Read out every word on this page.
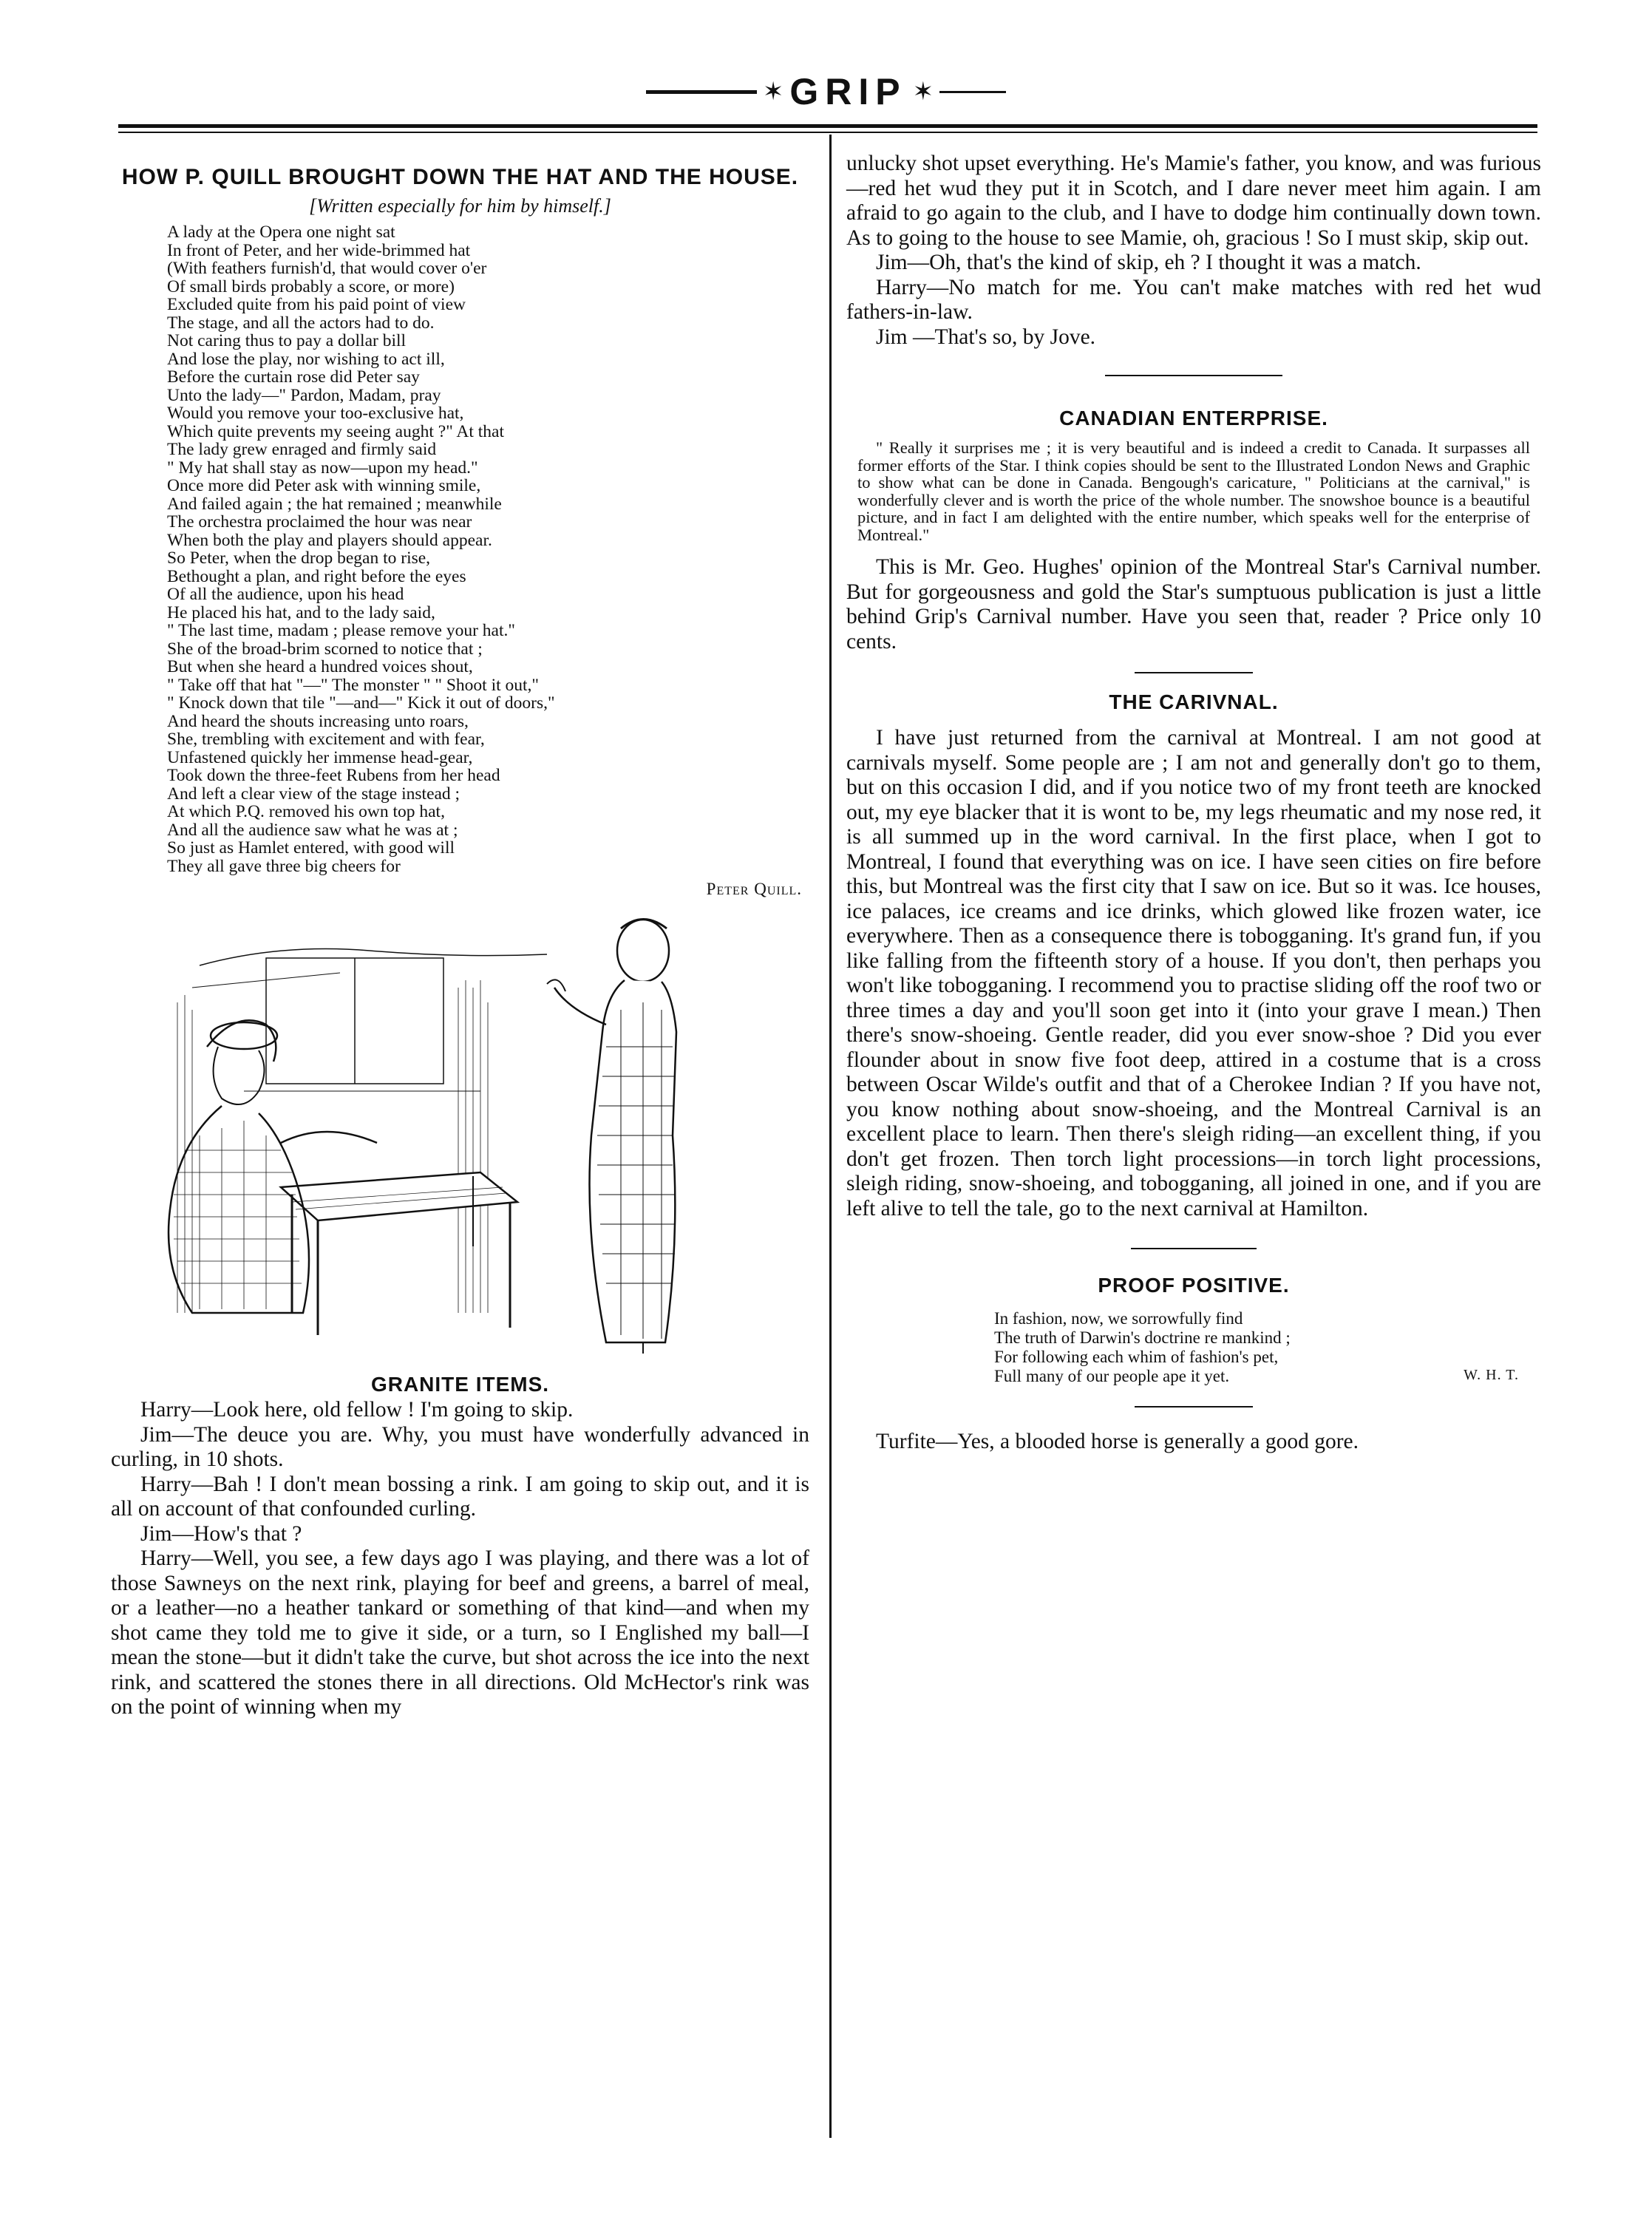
✶ GRIP ✶
HOW P. QUILL BROUGHT DOWN THE HAT AND THE HOUSE.
[Written especially for him by himself.]
A lady at the Opera one night sat
In front of Peter, and her wide-brimmed hat
(With feathers furnish'd, that would cover o'er
Of small birds probably a score, or more)
Excluded quite from his paid point of view
The stage, and all the actors had to do.
Not caring thus to pay a dollar bill
And lose the play, nor wishing to act ill,
Before the curtain rose did Peter say
Unto the lady—" Pardon, Madam, pray
Would you remove your too-exclusive hat,
Which quite prevents my seeing aught ?" At that
The lady grew enraged and firmly said
" My hat shall stay as now—upon my head."
Once more did Peter ask with winning smile,
And failed again ; the hat remained ; meanwhile
The orchestra proclaimed the hour was near
When both the play and players should appear.
So Peter, when the drop began to rise,
Bethought a plan, and right before the eyes
Of all the audience, upon his head
He placed his hat, and to the lady said,
" The last time, madam ; please remove your hat."
She of the broad-brim scorned to notice that ;
But when she heard a hundred voices shout,
" Take off that hat "—" The monster " " Shoot it out,"
" Knock down that tile "—and—" Kick it out of doors,"
And heard the shouts increasing unto roars,
She, trembling with excitement and with fear,
Unfastened quickly her immense head-gear,
Took down the three-feet Rubens from her head
And left a clear view of the stage instead ;
At which P.Q. removed his own top hat,
And all the audience saw what he was at ;
So just as Hamlet entered, with good will
They all gave three big cheers for
Peter Quill.
GRANITE ITEMS.

Harry—Look here, old fellow ! I'm going to skip.

Jim—The deuce you are. Why, you must have wonderfully advanced in curling, in 10 shots.

Harry—Bah ! I don't mean bossing a rink. I am going to skip out, and it is all on account of that confounded curling.

Jim—How's that ?

Harry—Well, you see, a few days ago I was playing, and there was a lot of those Sawneys on the next rink, playing for beef and greens, a barrel of meal, or a leather—no a heather tankard or something of that kind—and when my shot came they told me to give it side, or a turn, so I Englished my ball—I mean the stone—but it didn't take the curve, but shot across the ice into the next rink, and scattered the stones there in all directions. Old McHector's rink was on the point of winning when my

unlucky shot upset everything. He's Mamie's father, you know, and was furious—red het wud they put it in Scotch, and I dare never meet him again. I am afraid to go again to the club, and I have to dodge him continually down town. As to going to the house to see Mamie, oh, gracious ! So I must skip, skip out.

Jim—Oh, that's the kind of skip, eh ? I thought it was a match.

Harry—No match for me. You can't make matches with red het wud fathers-in-law.

Jim —That's so, by Jove.

CANADIAN ENTERPRISE.

" Really it surprises me ; it is very beautiful and is indeed a credit to Canada. It surpasses all former efforts of the Star. I think copies should be sent to the Illustrated London News and Graphic to show what can be done in Canada. Bengough's caricature, " Politicians at the carnival," is wonderfully clever and is worth the price of the whole number. The snowshoe bounce is a beautiful picture, and in fact I am delighted with the entire number, which speaks well for the enterprise of Montreal."

This is Mr. Geo. Hughes' opinion of the Montreal Star's Carnival number. But for gorgeousness and gold the Star's sumptuous publication is just a little behind Grip's Carnival number. Have you seen that, reader ? Price only 10 cents.

THE CARIVNAL.

I have just returned from the carnival at Montreal. I am not good at carnivals myself. Some people are ; I am not and generally don't go to them, but on this occasion I did, and if you notice two of my front teeth are knocked out, my eye blacker that it is wont to be, my legs rheumatic and my nose red, it is all summed up in the word carnival. In the first place, when I got to Montreal, I found that everything was on ice. I have seen cities on fire before this, but Montreal was the first city that I saw on ice. But so it was. Ice houses, ice palaces, ice creams and ice drinks, which glowed like frozen water, ice everywhere. Then as a consequence there is tobogganing. It's grand fun, if you like falling from the fifteenth story of a house. If you don't, then perhaps you won't like tobogganing. I recommend you to practise sliding off the roof two or three times a day and you'll soon get into it (into your grave I mean.) Then there's snow-shoeing. Gentle reader, did you ever snow-shoe ? Did you ever flounder about in snow five foot deep, attired in a costume that is a cross between Oscar Wilde's outfit and that of a Cherokee Indian ? If you have not, you know nothing about snow-shoeing, and the Montreal Carnival is an excellent place to learn. Then there's sleigh riding—an excellent thing, if you don't get frozen. Then torch light processions—in torch light processions, sleigh riding, snow-shoeing, and tobogganing, all joined in one, and if you are left alive to tell the tale, go to the next carnival at Hamilton.

PROOF POSITIVE.
In fashion, now, we sorrowfully find
The truth of Darwin's doctrine re mankind ;
For following each whim of fashion's pet,
Full many of our people ape it yet.	W. H. T.

Turfite—Yes, a blooded horse is generally a good gore.
